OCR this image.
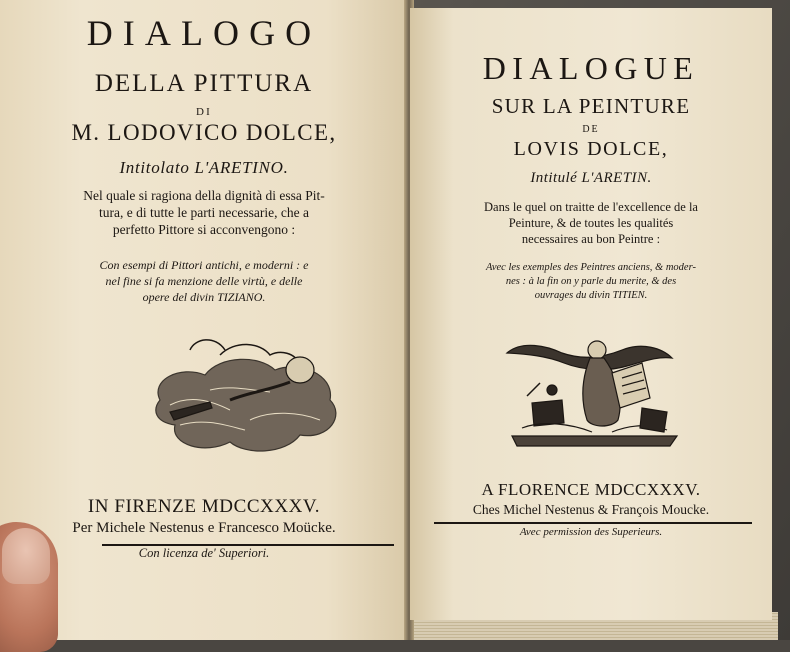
DIALOGO
DELLA PITTURA
DI
M. LODOVICO DOLCE,
Intitolato L'ARETINO.
Nel quale si ragiona della dignità di essa Pit-
tura, e di tutte le parti necessarie, che a
perfetto Pittore si acconvengono :
Con esempi di Pittori antichi, e moderni : e
nel fine si fa menzione delle virtù, e delle
opere del divin TIZIANO.
IN FIRENZE MDCCXXXV.
Per Michele Nestenus e Francesco Moücke.
Con licenza de' Superiori.
DIALOGUE
SUR LA PEINTURE
DE
LOVIS DOLCE,
Intitulé L'ARETIN.
Dans le quel on traitte de l'excellence de la
Peinture, & de toutes les qualités
necessaires au bon Peintre :
Avec les exemples des Peintres anciens, & moder-
nes : à la fin on y parle du merite, & des
ouvrages du divin TITIEN.
A FLORENCE MDCCXXXV.
Ches Michel Nestenus & François Moucke.
Avec permission des Superieurs.
